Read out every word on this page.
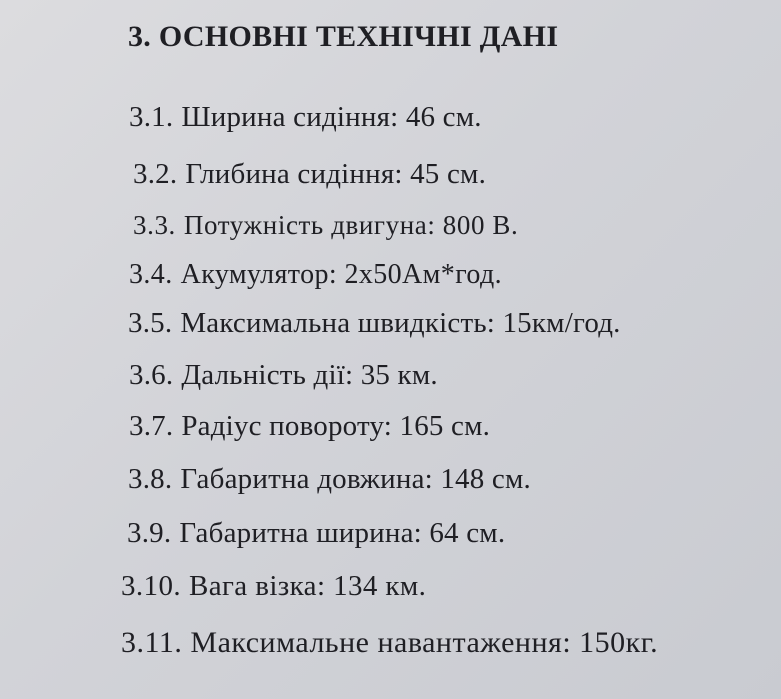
3. ОСНОВНІ ТЕХНІЧНІ ДАНІ
3.1. Ширина сидіння: 46 см.
3.2. Глибина сидіння: 45 см.
3.3. Потужність двигуна: 800 В.
3.4. Акумулятор: 2х50Ам*год.
3.5. Максимальна швидкість: 15км/год.
3.6. Дальність дії: 35 км.
3.7. Радіус повороту: 165 см.
3.8. Габаритна довжина: 148 см.
3.9. Габаритна ширина: 64 см.
3.10. Вага візка: 134 км.
3.11. Максимальне навантаження: 150кг.
